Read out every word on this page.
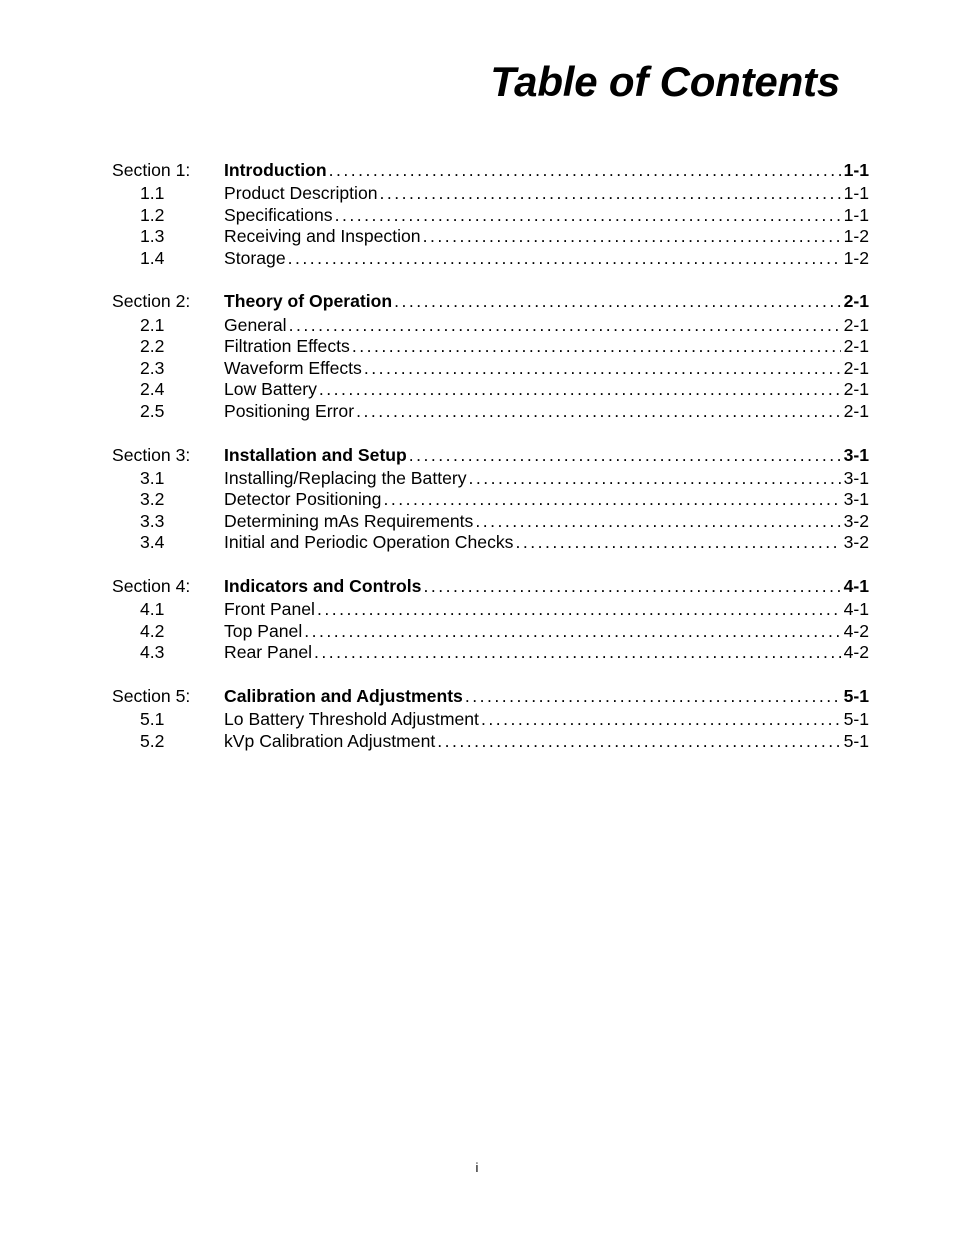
Table of Contents
Section 1:	Introduction . . .	1-1
1.1	Product Description . . .	1-1
1.2	Specifications . . .	1-1
1.3	Receiving and Inspection . . .	1-2
1.4	Storage . . .	1-2
Section 2:	Theory of Operation . . .	2-1
2.1	General . . .	2-1
2.2	Filtration Effects . . .	2-1
2.3	Waveform Effects . . .	2-1
2.4	Low Battery . . .	2-1
2.5	Positioning Error . . .	2-1
Section 3:	Installation and Setup . . .	3-1
3.1	Installing/Replacing the Battery . . .	3-1
3.2	Detector Positioning . . .	3-1
3.3	Determining mAs Requirements . . .	3-2
3.4	Initial and Periodic Operation Checks . . .	3-2
Section 4:	Indicators and Controls . . .	4-1
4.1	Front Panel . . .	4-1
4.2	Top Panel . . .	4-2
4.3	Rear Panel . . .	4-2
Section 5:	Calibration and Adjustments . . .	5-1
5.1	Lo Battery Threshold Adjustment . . .	5-1
5.2	kVp Calibration Adjustment . . .	5-1
i
